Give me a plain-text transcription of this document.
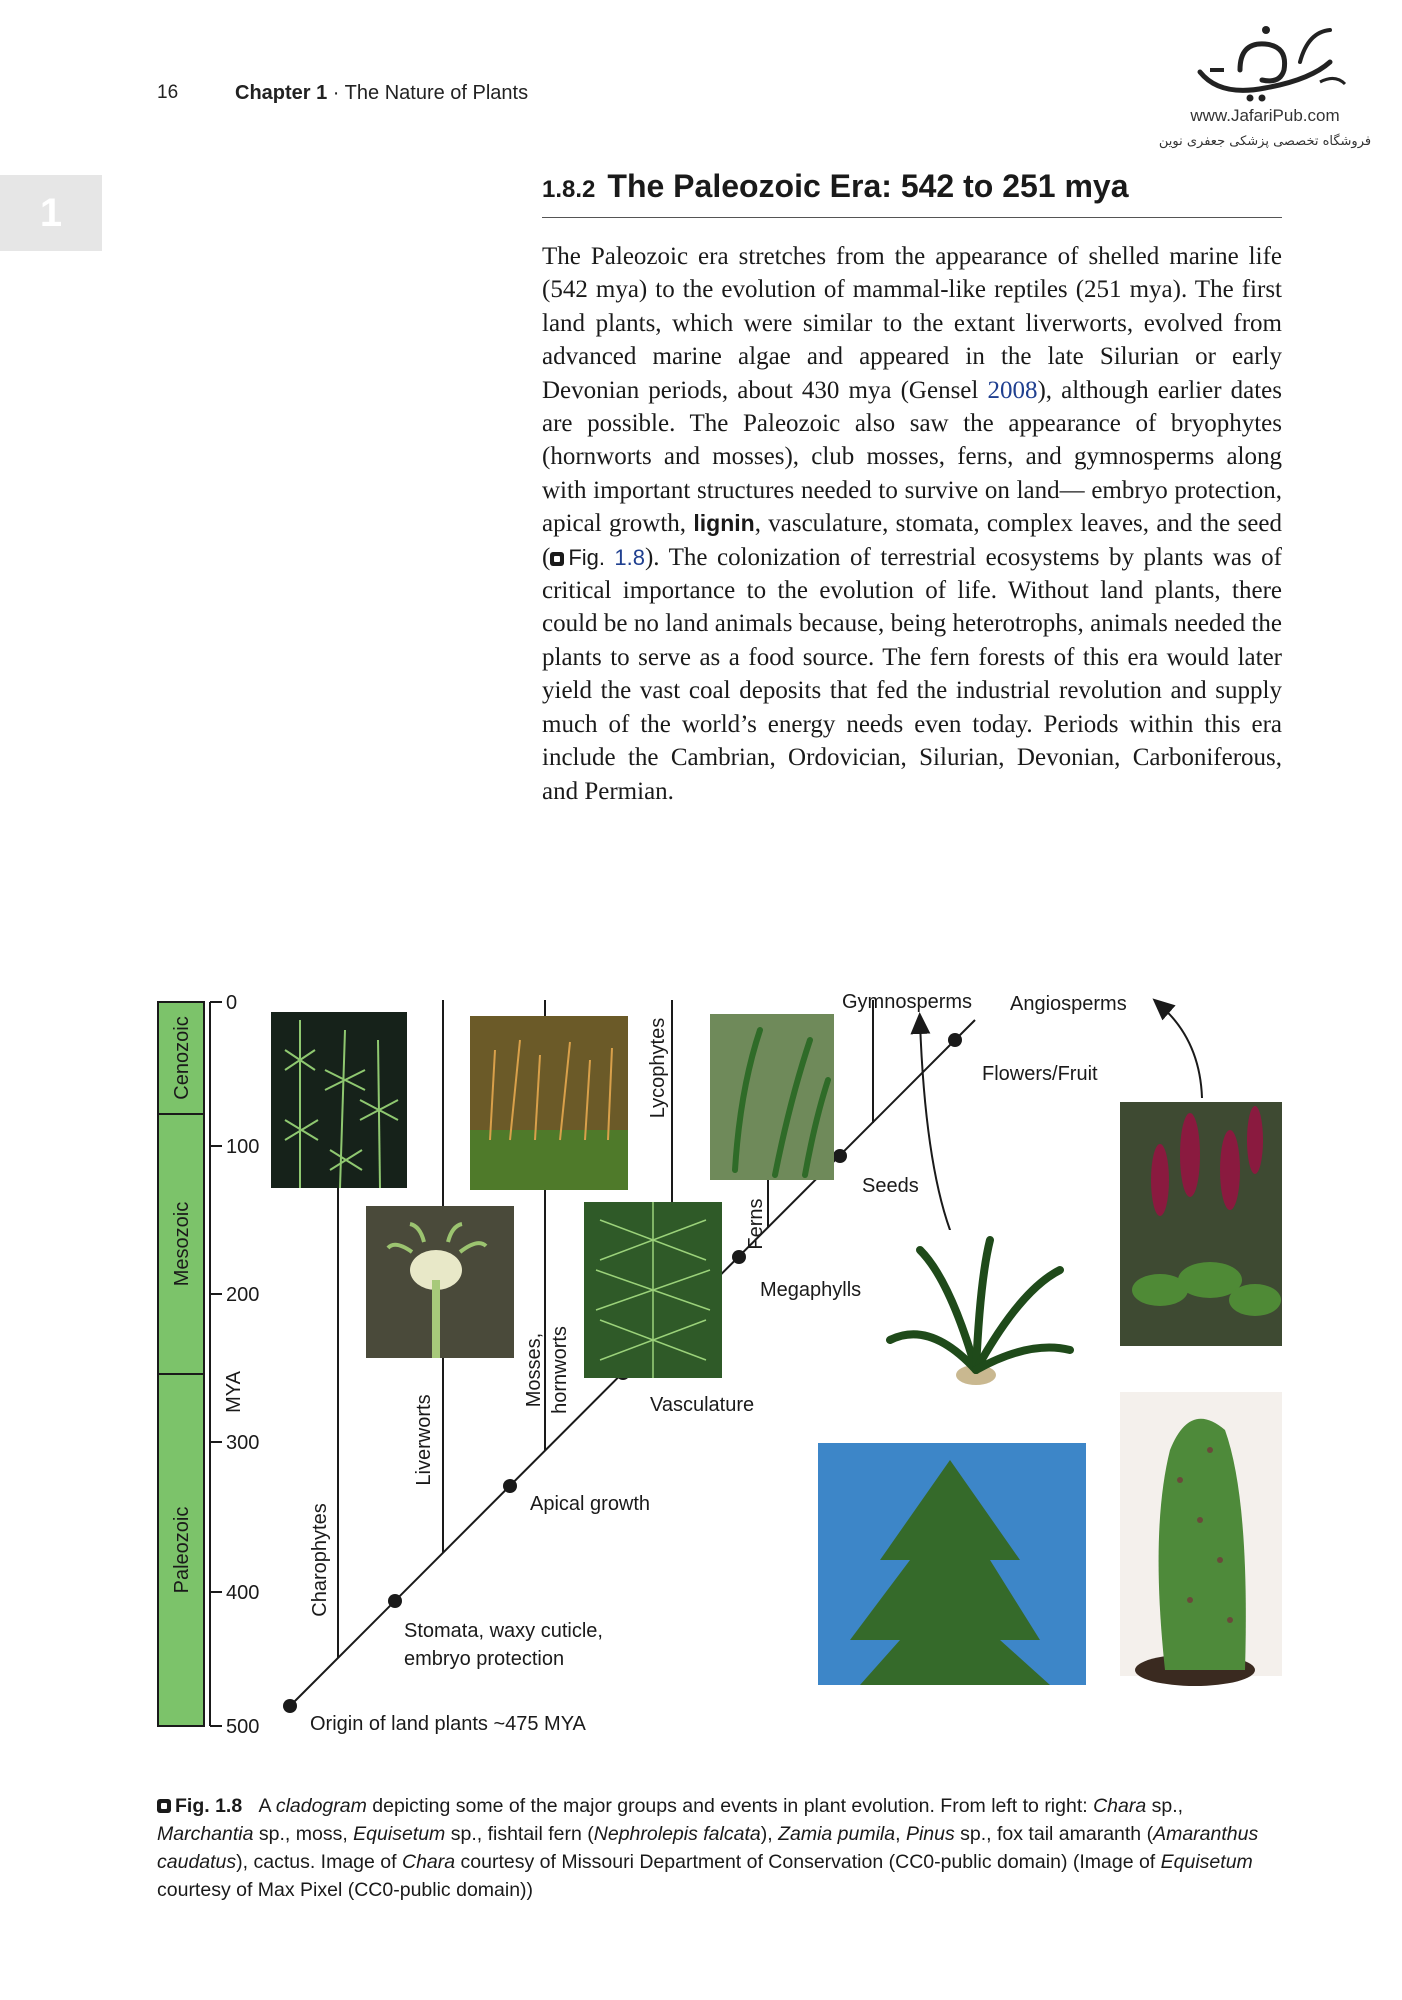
16	Chapter 1 · The Nature of Plants
www.JafariPub.com
فروشگاه تخصصی پزشکی جعفری نوین
1
1.8.2 The Paleozoic Era: 542 to 251 mya
The Paleozoic era stretches from the appearance of shelled marine life (542 mya) to the evolution of mammal-like reptiles (251 mya). The first land plants, which were similar to the extant liverworts, evolved from advanced marine algae and appeared in the late Silurian or early Devonian periods, about 430 mya (Gensel 2008), although earlier dates are possible. The Paleozoic also saw the appearance of bryophytes (hornworts and mosses), club mosses, ferns, and gymnosperms along with important structures needed to survive on land— embryo protection, apical growth, lignin, vasculature, stomata, complex leaves, and the seed ( Fig. 1.8). The colonization of terrestrial ecosystems by plants was of critical importance to the evolution of life. Without land plants, there could be no land animals because, being heterotrophs, animals needed the plants to serve as a food source. The fern forests of this era would later yield the vast coal deposits that fed the industrial revolution and supply much of the world’s energy needs even today. Periods within this era include the Cambrian, Ordovician, Silurian, Devonian, Carboniferous, and Permian.
Cenozoic
Mesozoic
Paleozoic
0
100
200
300
400
500
MYA
Origin of land plants ~475 MYA
Stomata, waxy cuticle,
embryo protection
Apical growth
Vasculature
Megaphylls
Seeds
Flowers/Fruit
Charophytes
Liverworts
Mosses, hornworts
Lycophytes
Ferns
Gymnosperms Angiosperms
Fig. 1.8 A cladogram depicting some of the major groups and events in plant evolution. From left to right: Chara sp., Marchantia sp., moss, Equisetum sp., fishtail fern (Nephrolepis falcata), Zamia pumila, Pinus sp., fox tail amaranth (Amaranthus caudatus), cactus. Image of Chara courtesy of Missouri Department of Conservation (CC0-public domain) (Image of Equisetum courtesy of Max Pixel (CC0-public domain))
